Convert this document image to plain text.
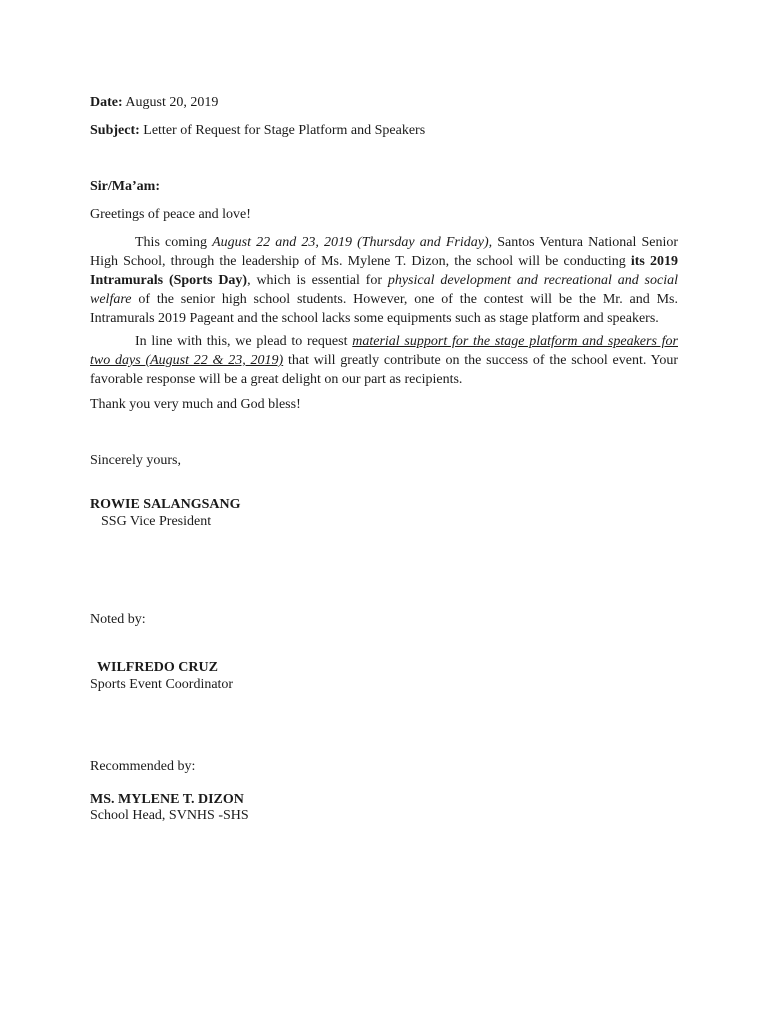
Date: August 20, 2019
Subject: Letter of Request for Stage Platform and Speakers
Sir/Ma’am:
Greetings of peace and love!

This coming August 22 and 23, 2019 (Thursday and Friday), Santos Ventura National Senior High School, through the leadership of Ms. Mylene T. Dizon, the school will be conducting its 2019 Intramurals (Sports Day), which is essential for physical development and recreational and social welfare of the senior high school students. However, one of the contest will be the Mr. and Ms. Intramurals 2019 Pageant and the school lacks some equipments such as stage platform and speakers.

In line with this, we plead to request material support for the stage platform and speakers for two days (August 22 & 23, 2019) that will greatly contribute on the success of the school event. Your favorable response will be a great delight on our part as recipients.

Thank you very much and God bless!
Sincerely yours,
ROWIE SALANGSANG
SSG Vice President
Noted by:
WILFREDO CRUZ
Sports Event Coordinator
Recommended by:
MS. MYLENE T. DIZON
School Head, SVNHS -SHS
